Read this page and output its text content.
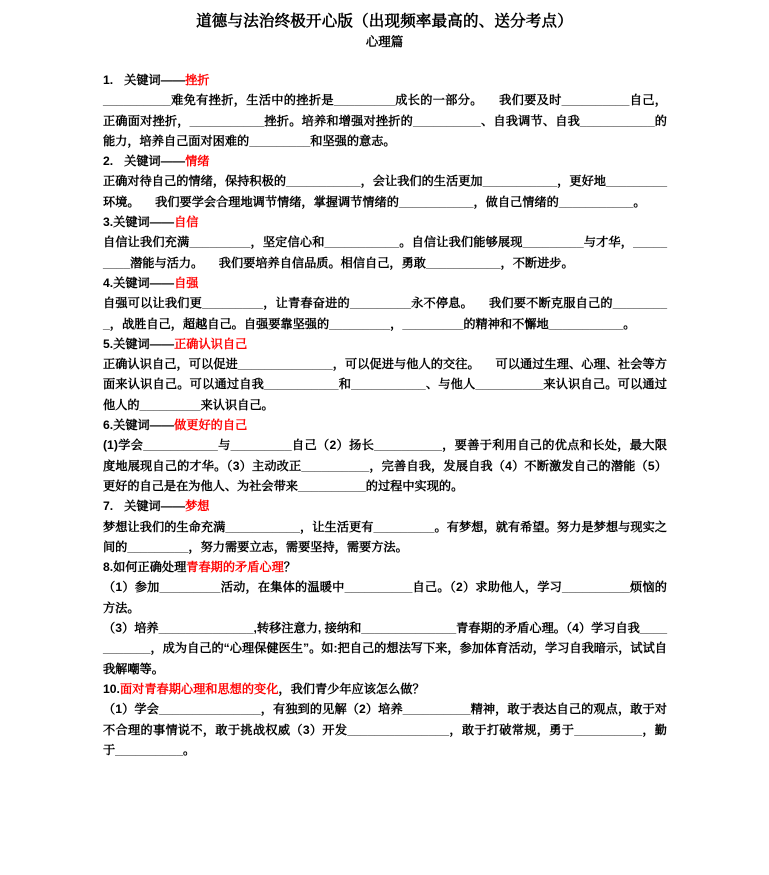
道德与法治终极开心版（出现频率最高的、送分考点）
心理篇

1. 关键词——挫折

__________难免有挫折，生活中的挫折是_________成长的一部分。 　我们要及时__________自己，正确面对挫折，___________挫折。培养和增强对挫折的__________、自我调节、自我___________的能力，培养自己面对困难的_________和坚强的意志。

2. 关键词——情绪

正确对待自己的情绪，保持积极的___________，会让我们的生活更加___________，更好地_________环境。 　我们要学会合理地调节情绪，掌握调节情绪的___________，做自己情绪的___________。

3.关键词——自信

自信让我们充满_________，坚定信心和___________。自信让我们能够展现_________与才华，_________潜能与活力。 　我们要培养自信品质。相信自己，勇敢___________，不断进步。

4.关键词——自强

自强可以让我们更_________，让青春奋进的_________永不停息。 　我们要不断克服自己的_________，战胜自己，超越自己。自强要靠坚强的_________，_________的精神和不懈地___________。

5.关键词——正确认识自己

正确认识自己，可以促进______________，可以促进与他人的交往。 　可以通过生理、心理、社会等方面来认识自己。可以通过自我___________和___________、与他人__________来认识自己。可以通过他人的_________来认识自己。

6.关键词——做更好的自己

(1)学会___________与_________自己（2）扬长__________，要善于利用自己的优点和长处，最大限度地展现自己的才华。（3）主动改正__________，完善自我，发展自我（4）不断激发自己的潜能（5）更好的自己是在为他人、为社会带来__________的过程中实现的。

7. 关键词——梦想

梦想让我们的生命充满___________，让生活更有_________。有梦想，就有希望。努力是梦想与现实之间的_________，努力需要立志，需要坚持，需要方法。

8.如何正确处理青春期的矛盾心理？

（1）参加_________活动，在集体的温暖中__________自己。（2）求助他人，学习__________烦恼的方法。

（3）培养______________,转移注意力, 接纳和______________青春期的矛盾心理。（4）学习自我___________，成为自己的“心理保健医生”。如:把自己的想法写下来，参加体育活动，学习自我暗示，试试自我解嘲等。

10.面对青春期心理和思想的变化，我们青少年应该怎么做？

（1）学会_______________，有独到的见解（2）培养__________精神，敢于表达自己的观点，敢于对不合理的事情说不，敢于挑战权威（3）开发_______________，敢于打破常规，勇于__________，勤于__________。
